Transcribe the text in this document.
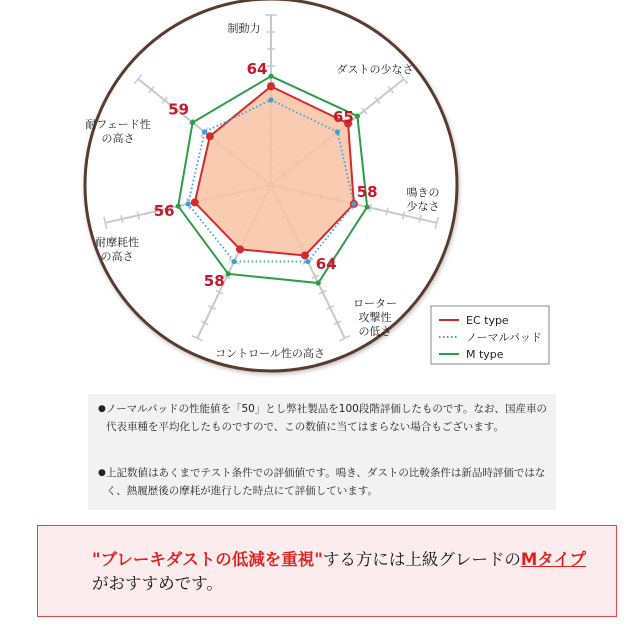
制動力
ダストの少なさ
鳴きの
少なさ
ローター
攻撃性
の低さ
コントロール性の高さ
耐摩耗性
の高さ
耐フェード性
の高さ
64
65
58
64
58
56
59
EC type
ノーマルパッド
M type
● ノーマルパッドの性能値を「50」とし弊社製品を100段階評価したものです。なお、国産車の代表車種を平均化したものですので、この数値に当てはまらない場合もございます。
● 上記数値はあくまでテスト条件での評価値です。鳴き、ダストの比較条件は新品時評価ではなく、熱履歴後の摩耗が進行した時点にて評価しています。
"ブレーキダストの低減を重視"する方には上級グレードのMタイプがおすすめです。
